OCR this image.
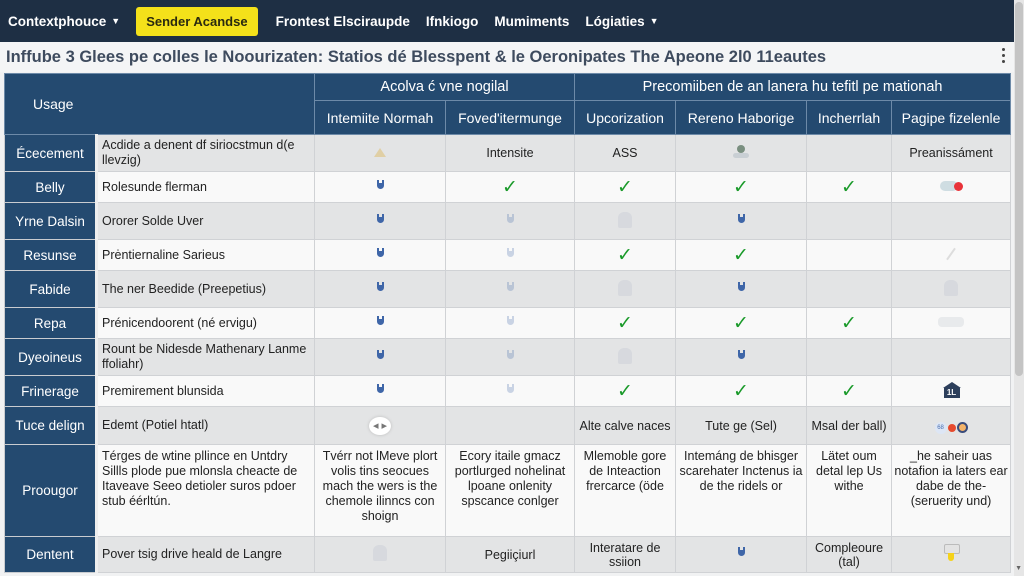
Contextphouce ▼ Sender Acandse Frontest Elsciraupde Ifnkiogo Mumiments Lógiaties ▼
Inffube 3 Glees pe colles le Noourizaten: Statios dé Blesspent & le Oeronipates The Apeone 2l0 11eautes
Usage		Acolva ć vne nogilal		Precomiiben de an lanera hu tefitl pe mationah			
		Intemiite Normah	Foved'itermunge	Upcorization	Rereno Haborige	Incherrlah	Pagipe fizelenle
Écecement	Acdide a denent df siriocstmun d(e llevzig)		Intensite	ASS			Preanissáment
Belly	Rolesunde flerman		✓	✓	✓	✓	

Yrne Dalsin	Ororer Solde Uver						
Resunse	Prėntiernaline Sarieus			✓	✓		
Fabide	The ner Beedide (Preepetius)						
Repa	Prénicendoorent (né ervigu)			✓	✓	✓	
Dyeoineus	Rount be Nidesde Mathenary Lanme ffoliahr)						
Frinerage	Premirement blunsida			✓	✓	✓	1L
Tuce delign	Edemt (Potiel htatl)	◂ ▸		Alte calve naces	Tute ge (Sel)	Msal der ball)	68

Proougor	Térges de wtine pllince en Untdry Sillls plode pue mlonsla cheacte de Itaveave Seeo detioler suros pdoer stub éérltún.	Tvérr not lMeve plort volis tins seocues mach the wers is the chemole ilinncs con shoign	Ecory itaile gmacz portlurged nohelinat lpoane onlenity spscance conlger	Mlemoble gore de Inteaction frercarce (öde	Intemáng de bhisger scarehater Inctenus ia de the ridels or	Lätet oum detal lep Us withe	_he saheir uas notafion ia laters ear dabe de the- (seruerity und)
Dentent	Pover tsig drive heald de Langre		Pegiiçiurl	Interatare de ssiion		Compleoure (tal)		▼
